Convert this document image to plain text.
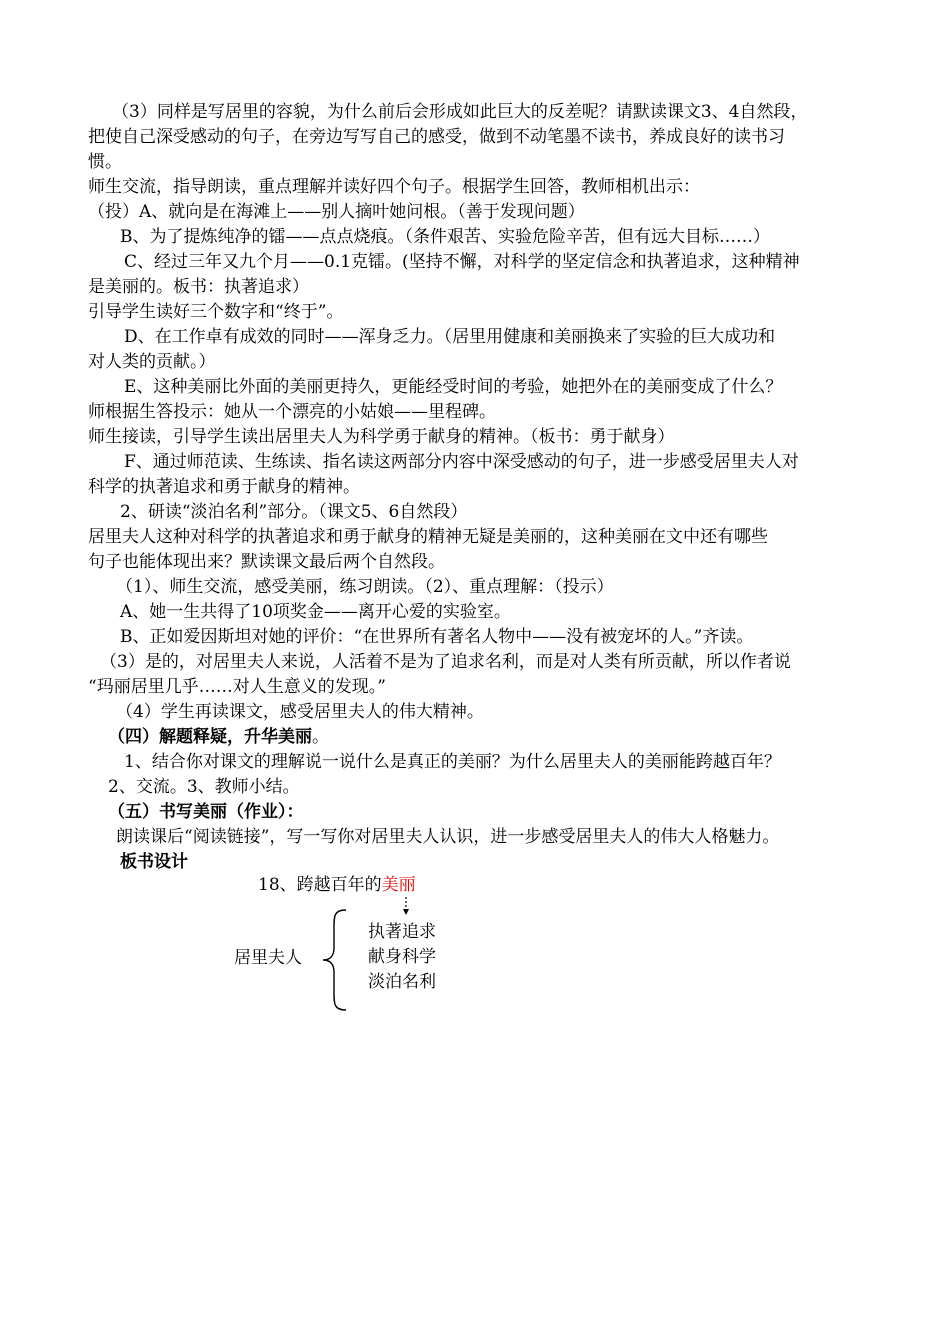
（3）同样是写居里的容貌，为什么前后会形成如此巨大的反差呢？请默读课文3、4自然段，
把使自己深受感动的句子，在旁边写写自己的感受，做到不动笔墨不读书，养成良好的读书习
惯。
师生交流，指导朗读，重点理解并读好四个句子。根据学生回答，教师相机出示：
（投）A、就向是在海滩上——别人摘叶她问根。（善于发现问题）
B、为了提炼纯净的镭——点点烧痕。（条件艰苦、实验危险辛苦，但有远大目标……）
C、经过三年又九个月——0.1克镭。(坚持不懈，对科学的坚定信念和执著追求，这种精神
是美丽的。板书：执著追求）
引导学生读好三个数字和“终于”。
D、在工作卓有成效的同时——浑身乏力。（居里用健康和美丽换来了实验的巨大成功和
对人类的贡献。）
E、这种美丽比外面的美丽更持久，更能经受时间的考验，她把外在的美丽变成了什么？
师根据生答投示：她从一个漂亮的小姑娘——里程碑。
师生接读，引导学生读出居里夫人为科学勇于献身的精神。（板书：勇于献身）
F、通过师范读、生练读、指名读这两部分内容中深受感动的句子，进一步感受居里夫人对
科学的执著追求和勇于献身的精神。
2、研读“淡泊名利”部分。（课文5、6自然段）
居里夫人这种对科学的执著追求和勇于献身的精神无疑是美丽的，这种美丽在文中还有哪些
句子也能体现出来？默读课文最后两个自然段。
（1）、师生交流，感受美丽，练习朗读。（2）、重点理解：（投示）
A、她一生共得了10项奖金——离开心爱的实验室。
B、正如爱因斯坦对她的评价：“在世界所有著名人物中——没有被宠坏的人。”齐读。
（3）是的，对居里夫人来说，人活着不是为了追求名利，而是对人类有所贡献，所以作者说
“玛丽居里几乎……对人生意义的发现。”
（4）学生再读课文，感受居里夫人的伟大精神。
（四）解题释疑，升华美丽。
1、结合你对课文的理解说一说什么是真正的美丽？为什么居里夫人的美丽能跨越百年？
2、交流。3、教师小结。
（五）书写美丽（作业）：
朗读课后“阅读链接”，写一写你对居里夫人认识，进一步感受居里夫人的伟大人格魅力。
板书设计
18、跨越百年的美丽
居里夫人
执著追求
献身科学
淡泊名利
